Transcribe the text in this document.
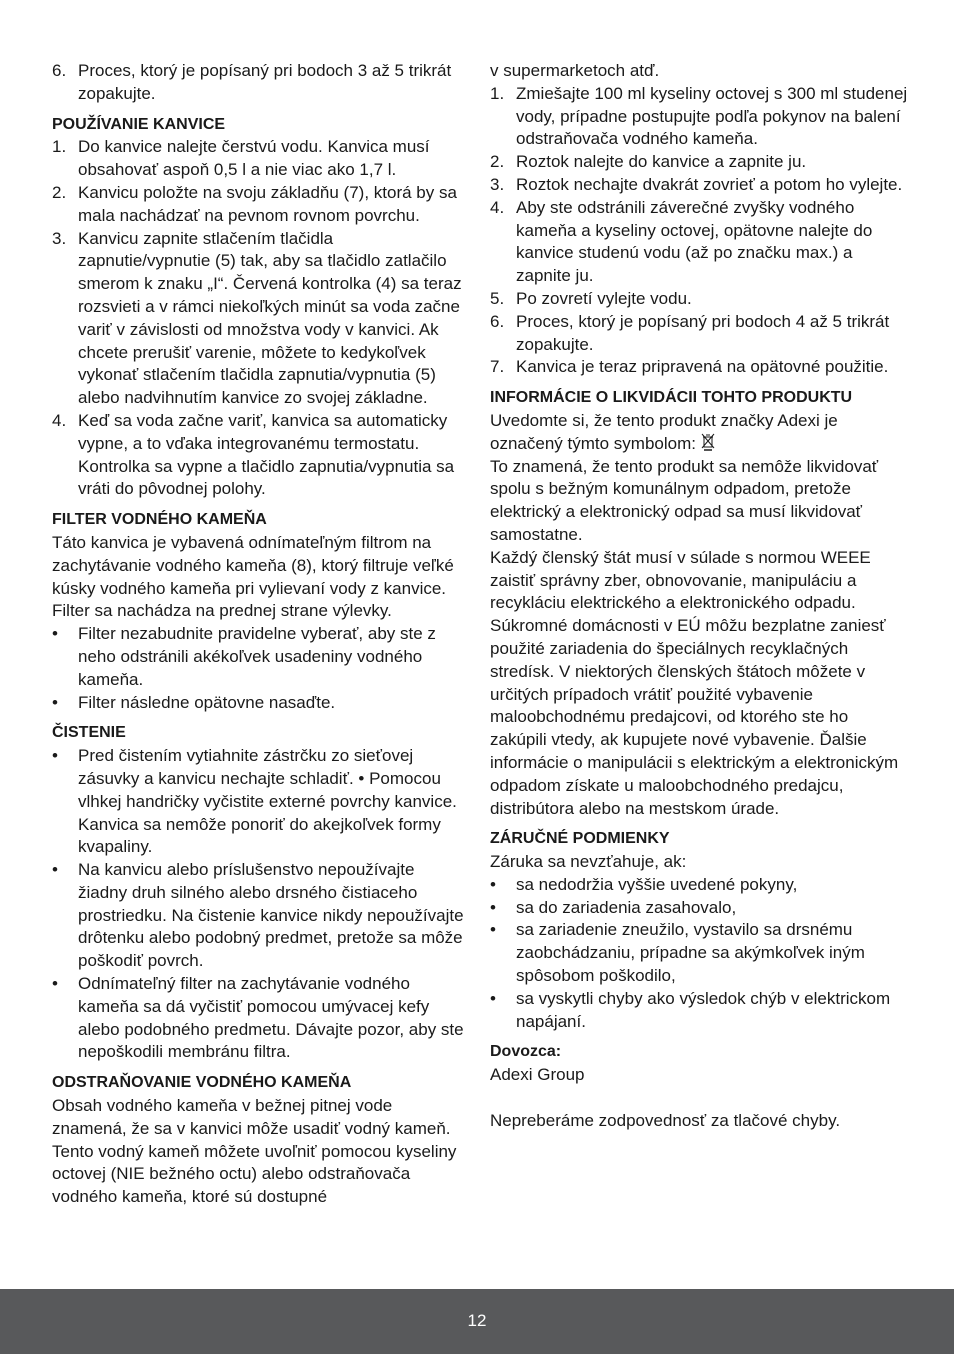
6. Proces, ktorý je popísaný pri bodoch 3 až 5 trikrát zopakujte.
POUŽÍVANIE KANVICE
1. Do kanvice nalejte čerstvú vodu. Kanvica musí obsahovať aspoň 0,5 l a nie viac ako 1,7 l.
2. Kanvicu položte na svoju základňu (7), ktorá by sa mala nachádzať na pevnom rovnom povrchu.
3. Kanvicu zapnite stlačením tlačidla zapnutie/vypnutie (5) tak, aby sa tlačidlo zatlačilo smerom k znaku „I“. Červená kontrolka (4) sa teraz rozsvieti a v rámci niekoľkých minút sa voda začne variť v závislosti od množstva vody v kanvici. Ak chcete prerušiť varenie, môžete to kedykoľvek vykonať stlačením tlačidla zapnutia/vypnutia (5) alebo nadvihnutím kanvice zo svojej základne.
4. Keď sa voda začne variť, kanvica sa automaticky vypne, a to vďaka integrovanému termostatu. Kontrolka sa vypne a tlačidlo zapnutia/vypnutia sa vráti do pôvodnej polohy.
FILTER VODNÉHO KAMEŇA

Táto kanvica je vybavená odnímateľným filtrom na zachytávanie vodného kameňa (8), ktorý filtruje veľké kúsky vodného kameňa pri vylievaní vody z kanvice. Filter sa nachádza na prednej strane výlevky.

• Filter nezabudnite pravidelne vyberať, aby ste z neho odstránili akékoľvek usadeniny vodného kameňa.
• Filter následne opätovne nasaďte.
ČISTENIE
• Pred čistením vytiahnite zástrčku zo sieťovej zásuvky a kanvicu nechajte schladiť. • Pomocou vlhkej handričky vyčistite externé povrchy kanvice. Kanvica sa nemôže ponoriť do akejkoľvek formy kvapaliny.
• Na kanvicu alebo príslušenstvo nepoužívajte žiadny druh silného alebo drsného čistiaceho prostriedku. Na čistenie kanvice nikdy nepoužívajte drôtenku alebo podobný predmet, pretože sa môže poškodiť povrch.
• Odnímateľný filter na zachytávanie vodného kameňa sa dá vyčistiť pomocou umývacej kefy alebo podobného predmetu. Dávajte pozor, aby ste nepoškodili membránu filtra.
ODSTRAŇOVANIE VODNÉHO KAMEŇA

Obsah vodného kameňa v bežnej pitnej vode znamená, že sa v kanvici môže usadiť vodný kameň. Tento vodný kameň môžete uvoľniť pomocou kyseliny octovej (NIE bežného octu) alebo odstraňovača vodného kameňa, ktoré sú dostupné

v supermarketoch atď.

1. Zmiešajte 100 ml kyseliny octovej s 300 ml studenej vody, prípadne postupujte podľa pokynov na balení odstraňovača vodného kameňa.
2. Roztok nalejte do kanvice a zapnite ju.
3. Roztok nechajte dvakrát zovrieť a potom ho vylejte.
4. Aby ste odstránili záverečné zvyšky vodného kameňa a kyseliny octovej, opätovne nalejte do kanvice studenú vodu (až po značku max.) a zapnite ju.
5. Po zovretí vylejte vodu.
6. Proces, ktorý je popísaný pri bodoch 4 až 5 trikrát zopakujte.
7. Kanvica je teraz pripravená na opätovné použitie.
INFORMÁCIE O LIKVIDÁCII TOHTO PRODUKTU

Uvedomte si, že tento produkt značky Adexi je označený týmto symbolom:

To znamená, že tento produkt sa nemôže likvidovať spolu s bežným komunálnym odpadom, pretože elektrický a elektronický odpad sa musí likvidovať samostatne.

Každý členský štát musí v súlade s normou WEEE zaistiť správny zber, obnovovanie, manipuláciu a recykláciu elektrického a elektronického odpadu. Súkromné domácnosti v EÚ môžu bezplatne zaniesť použité zariadenia do špeciálnych recyklačných stredísk. V niektorých členských štátoch môžete v určitých prípadoch vrátiť použité vybavenie maloobchodnému predajcovi, od ktorého ste ho zakúpili vtedy, ak kupujete nové vybavenie. Ďalšie informácie o manipulácii s elektrickým a elektronickým odpadom získate u maloobchodného predajcu, distribútora alebo na mestskom úrade.

ZÁRUČNÉ PODMIENKY

Záruka sa nevzťahuje, ak:

• sa nedodržia vyššie uvedené pokyny,
• sa do zariadenia zasahovalo,
• sa zariadenie zneužilo, vystavilo sa drsnému zaobchádzaniu, prípadne sa akýmkoľvek iným spôsobom poškodilo,
• sa vyskytli chyby ako výsledok chýb v elektrickom napájaní.
Dovozca:

Adexi Group

Nepreberáme zodpovednosť za tlačové chyby.

12
